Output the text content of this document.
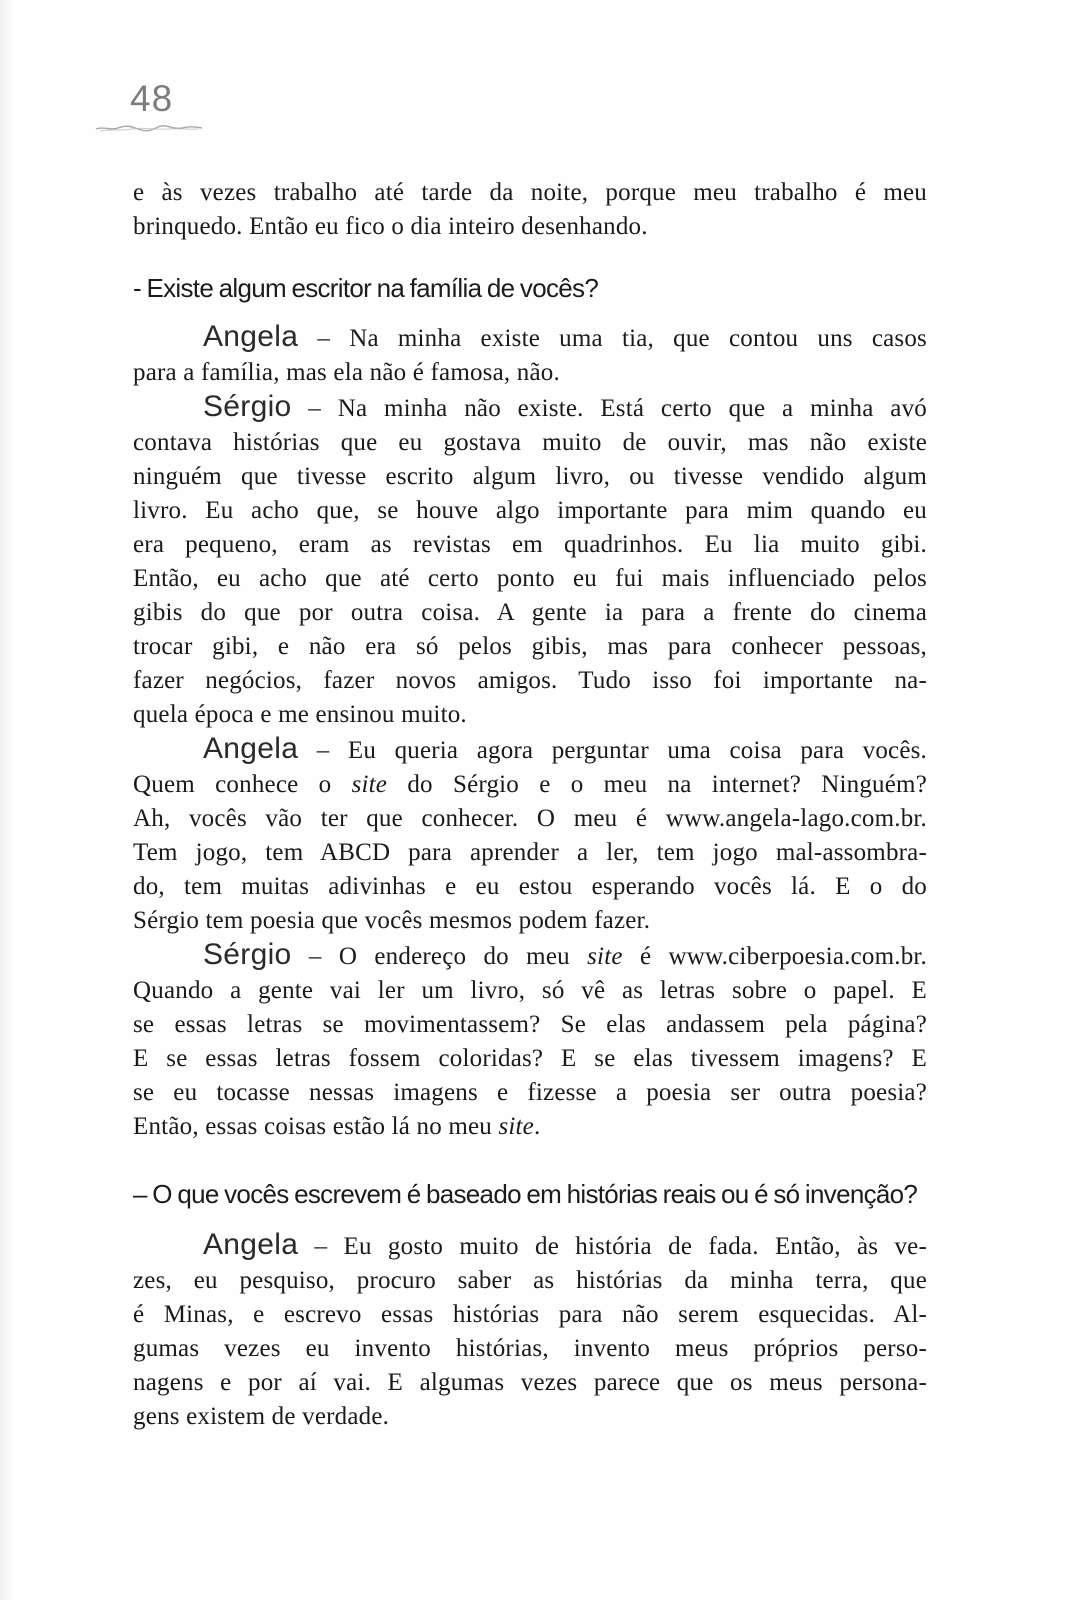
48
e às vezes trabalho até tarde da noite, porque meu trabalho é meu
brinquedo. Então eu fico o dia inteiro desenhando.
- Existe algum escritor na família de vocês?
Angela – Na minha existe uma tia, que contou uns casos
para a família, mas ela não é famosa, não.
Sérgio – Na minha não existe. Está certo que a minha avó
contava histórias que eu gostava muito de ouvir, mas não existe
ninguém que tivesse escrito algum livro, ou tivesse vendido algum
livro. Eu acho que, se houve algo importante para mim quando eu
era pequeno, eram as revistas em quadrinhos. Eu lia muito gibi.
Então, eu acho que até certo ponto eu fui mais influenciado pelos
gibis do que por outra coisa. A gente ia para a frente do cinema
trocar gibi, e não era só pelos gibis, mas para conhecer pessoas,
fazer negócios, fazer novos amigos. Tudo isso foi importante na-
quela época e me ensinou muito.
Angela – Eu queria agora perguntar uma coisa para vocês.
Quem conhece o site do Sérgio e o meu na internet? Ninguém?
Ah, vocês vão ter que conhecer. O meu é www.angela-lago.com.br.
Tem jogo, tem ABCD para aprender a ler, tem jogo mal-assombra-
do, tem muitas adivinhas e eu estou esperando vocês lá. E o do
Sérgio tem poesia que vocês mesmos podem fazer.
Sérgio – O endereço do meu site é www.ciberpoesia.com.br.
Quando a gente vai ler um livro, só vê as letras sobre o papel. E
se essas letras se movimentassem? Se elas andassem pela página?
E se essas letras fossem coloridas? E se elas tivessem imagens? E
se eu tocasse nessas imagens e fizesse a poesia ser outra poesia?
Então, essas coisas estão lá no meu site.
– O que vocês escrevem é baseado em histórias reais ou é só invenção?
Angela – Eu gosto muito de história de fada. Então, às ve-
zes, eu pesquiso, procuro saber as histórias da minha terra, que
é Minas, e escrevo essas histórias para não serem esquecidas. Al-
gumas vezes eu invento histórias, invento meus próprios perso-
nagens e por aí vai. E algumas vezes parece que os meus persona-
gens existem de verdade.
